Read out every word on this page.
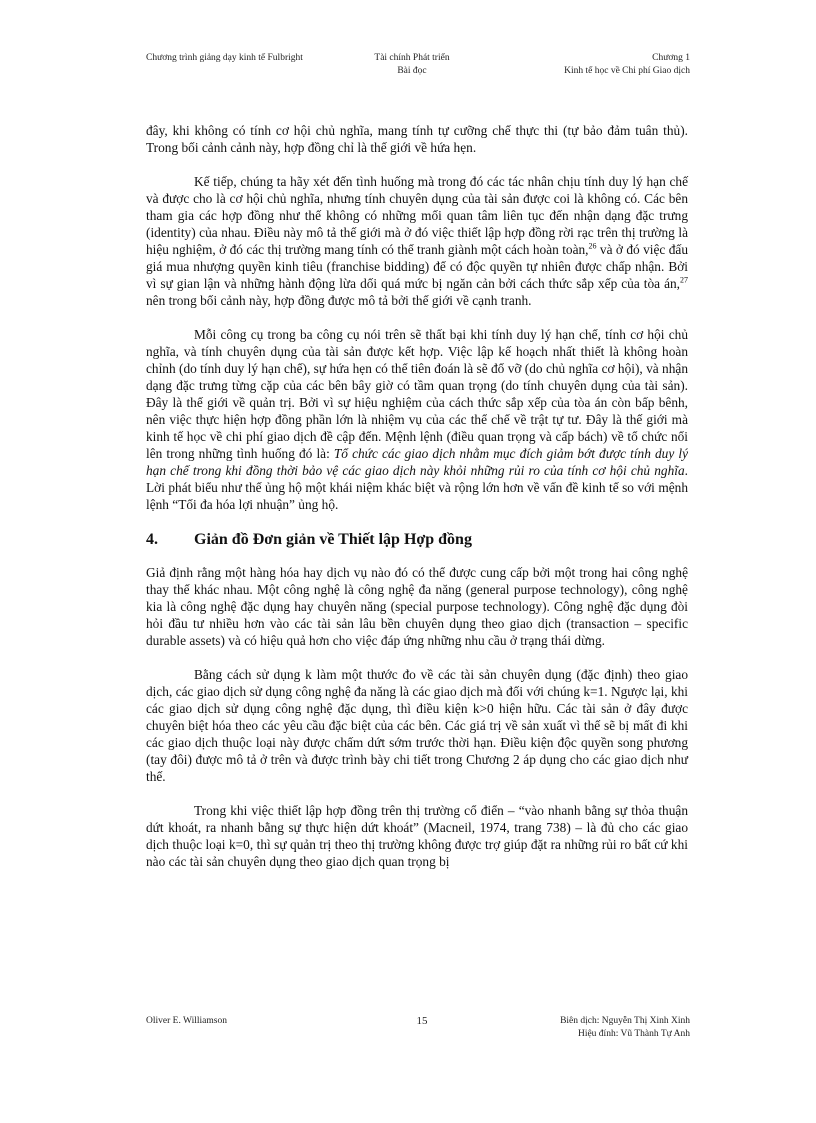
Chương trình giảng dạy kinh tế Fulbright	Tài chính Phát triển
Bài đọc
Chương 1
Kinh tế học về Chi phí Giao dịch

đây, khi không có tính cơ hội chủ nghĩa, mang tính tự cưỡng chế thực thi (tự bảo đảm tuân thủ). Trong bối cảnh cảnh này, hợp đồng chỉ là thế giới về hứa hẹn.

Kế tiếp, chúng ta hãy xét đến tình huống mà trong đó các tác nhân chịu tính duy lý hạn chế và được cho là cơ hội chủ nghĩa, nhưng tính chuyên dụng của tài sản được coi là không có. Các bên tham gia các hợp đồng như thế không có những mối quan tâm liên tục đến nhận dạng đặc trưng (identity) của nhau. Điều này mô tả thế giới mà ở đó việc thiết lập hợp đồng rời rạc trên thị trường là hiệu nghiệm, ở đó các thị trường mang tính có thể tranh giành một cách hoàn toàn,$^{26}$ và ở đó việc đấu giá mua nhượng quyền kinh tiêu (franchise bidding) để có độc quyền tự nhiên được chấp nhận. Bởi vì sự gian lận và những hành động lừa dối quá mức bị ngăn cản bởi cách thức sắp xếp của tòa án,$^{27}$ nên trong bối cảnh này, hợp đồng được mô tả bởi thế giới về cạnh tranh.

Mỗi công cụ trong ba công cụ nói trên sẽ thất bại khi tính duy lý hạn chế, tính cơ hội chủ nghĩa, và tính chuyên dụng của tài sản được kết hợp. Việc lập kế hoạch nhất thiết là không hoàn chỉnh (do tính duy lý hạn chế), sự hứa hẹn có thể tiên đoán là sẽ đổ vỡ (do chủ nghĩa cơ hội), và nhận dạng đặc trưng từng cặp của các bên bây giờ có tầm quan trọng (do tính chuyên dụng của tài sản). Đây là thế giới về quản trị. Bởi vì sự hiệu nghiệm của cách thức sắp xếp của tòa án còn bấp bênh, nên việc thực hiện hợp đồng phần lớn là nhiệm vụ của các thể chế về trật tự tư. Đây là thế giới mà kinh tế học về chi phí giao dịch đề cập đến. Mệnh lệnh (điều quan trọng và cấp bách) về tổ chức nổi lên trong những tình huống đó là: Tổ chức các giao dịch nhằm mục đích giảm bớt được tính duy lý hạn chế trong khi đồng thời bảo vệ các giao dịch này khỏi những rủi ro của tính cơ hội chủ nghĩa. Lời phát biểu như thế ủng hộ một khái niệm khác biệt và rộng lớn hơn về vấn đề kinh tế so với mệnh lệnh “Tối đa hóa lợi nhuận” ủng hộ.

4. Giản đồ Đơn giản về Thiết lập Hợp đồng

Giả định rằng một hàng hóa hay dịch vụ nào đó có thể được cung cấp bởi một trong hai công nghệ thay thế khác nhau. Một công nghệ là công nghệ đa năng (general purpose technology), công nghệ kia là công nghệ đặc dụng hay chuyên năng (special purpose technology). Công nghệ đặc dụng đòi hỏi đầu tư nhiều hơn vào các tài sản lâu bền chuyên dụng theo giao dịch (transaction – specific durable assets) và có hiệu quả hơn cho việc đáp ứng những nhu cầu ở trạng thái dừng.

Bằng cách sử dụng k làm một thước đo về các tài sản chuyên dụng (đặc định) theo giao dịch, các giao dịch sử dụng công nghệ đa năng là các giao dịch mà đối với chúng k=1. Ngược lại, khi các giao dịch sử dụng công nghệ đặc dụng, thì điều kiện k>0 hiện hữu. Các tài sản ở đây được chuyên biệt hóa theo các yêu cầu đặc biệt của các bên. Các giá trị về sản xuất vì thế sẽ bị mất đi khi các giao dịch thuộc loại này được chấm dứt sớm trước thời hạn. Điều kiện độc quyền song phương (tay đôi) được mô tả ở trên và được trình bày chi tiết trong Chương 2 áp dụng cho các giao dịch như thế.

Trong khi việc thiết lập hợp đồng trên thị trường cổ điển – “vào nhanh bằng sự thỏa thuận dứt khoát, ra nhanh bằng sự thực hiện dứt khoát” (Macneil, 1974, trang 738) – là đủ cho các giao dịch thuộc loại k=0, thì sự quản trị theo thị trường không được trợ giúp đặt ra những rủi ro bất cứ khi nào các tài sản chuyên dụng theo giao dịch quan trọng bị

Oliver E. Williamson	15	Biên dịch: Nguyễn Thị Xinh Xinh
Hiệu đính: Vũ Thành Tự Anh
